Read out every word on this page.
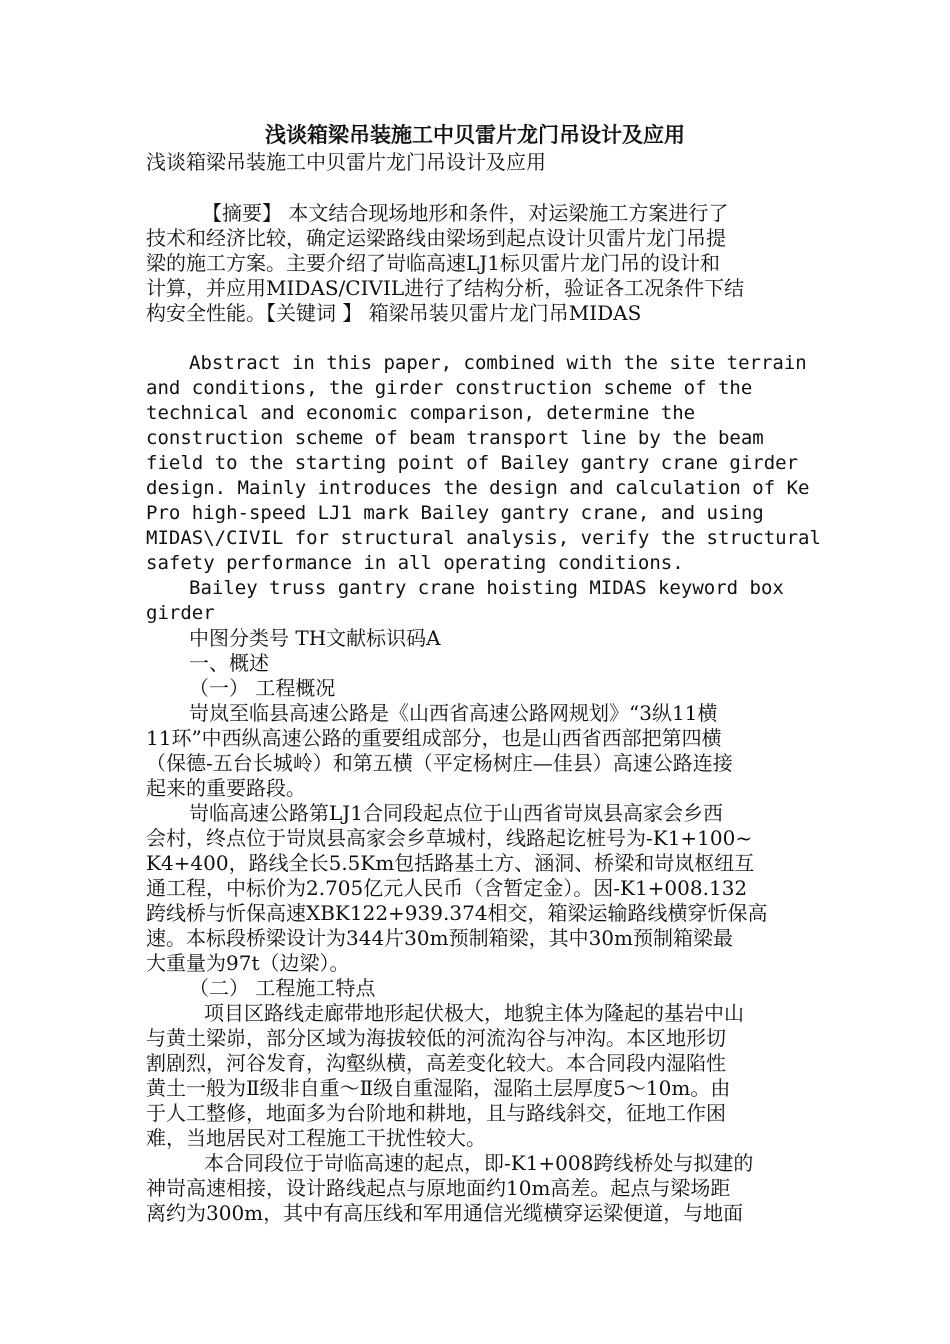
浅谈箱梁吊装施工中贝雷片龙门吊设计及应用

浅谈箱梁吊装施工中贝雷片龙门吊设计及应用

【摘要】 本文结合现场地形和条件，对运梁施工方案进行了

技术和经济比较，确定运梁路线由梁场到起点设计贝雷片龙门吊提

梁的施工方案。主要介绍了岢临高速LJ1标贝雷片龙门吊的设计和

计算，并应用MIDAS/CIVIL进行了结构分析，验证各工况条件下结

构安全性能。【关键词 】 箱梁吊装贝雷片龙门吊MIDAS

Abstract in this paper, combined with the site terrain

and conditions, the girder construction scheme of the

technical and economic comparison, determine the

construction scheme of beam transport line by the beam

field to the starting point of Bailey gantry crane girder

design. Mainly introduces the design and calculation of Ke

Pro high-speed LJ1 mark Bailey gantry crane, and using

MIDAS\/CIVIL for structural analysis, verify the structural

safety performance in all operating conditions.

Bailey truss gantry crane hoisting MIDAS keyword box

girder

中图分类号 TH文献标识码A

一、概述

（一） 工程概况

岢岚至临县高速公路是《山西省高速公路网规划》“3纵11横

11环”中西纵高速公路的重要组成部分，也是山西省西部把第四横

（保德-五台长城岭）和第五横（平定杨树庄—佳县）高速公路连接

起来的重要路段。

岢临高速公路第LJ1合同段起点位于山西省岢岚县高家会乡西

会村，终点位于岢岚县高家会乡草城村，线路起讫桩号为-K1+100~

K4+400，路线全长5.5Km包括路基土方、涵洞、桥梁和岢岚枢纽互

通工程，中标价为2.705亿元人民币（含暂定金）。因-K1+008.132

跨线桥与忻保高速XBK122+939.374相交，箱梁运输路线横穿忻保高

速。本标段桥梁设计为344片30m预制箱梁，其中30m预制箱梁最

大重量为97t（边梁）。

（二） 工程施工特点

项目区路线走廊带地形起伏极大，地貌主体为隆起的基岩中山

与黄土梁峁，部分区域为海拔较低的河流沟谷与冲沟。本区地形切

割剧烈，河谷发育，沟壑纵横，高差变化较大。本合同段内湿陷性

黄土一般为Ⅱ级非自重～Ⅱ级自重湿陷，湿陷土层厚度5～10m。由

于人工整修，地面多为台阶地和耕地，且与路线斜交，征地工作困

难，当地居民对工程施工干扰性较大。

本合同段位于岢临高速的起点，即-K1+008跨线桥处与拟建的

神岢高速相接，设计路线起点与原地面约10m高差。起点与梁场距

离约为300m，其中有高压线和军用通信光缆横穿运梁便道，与地面
